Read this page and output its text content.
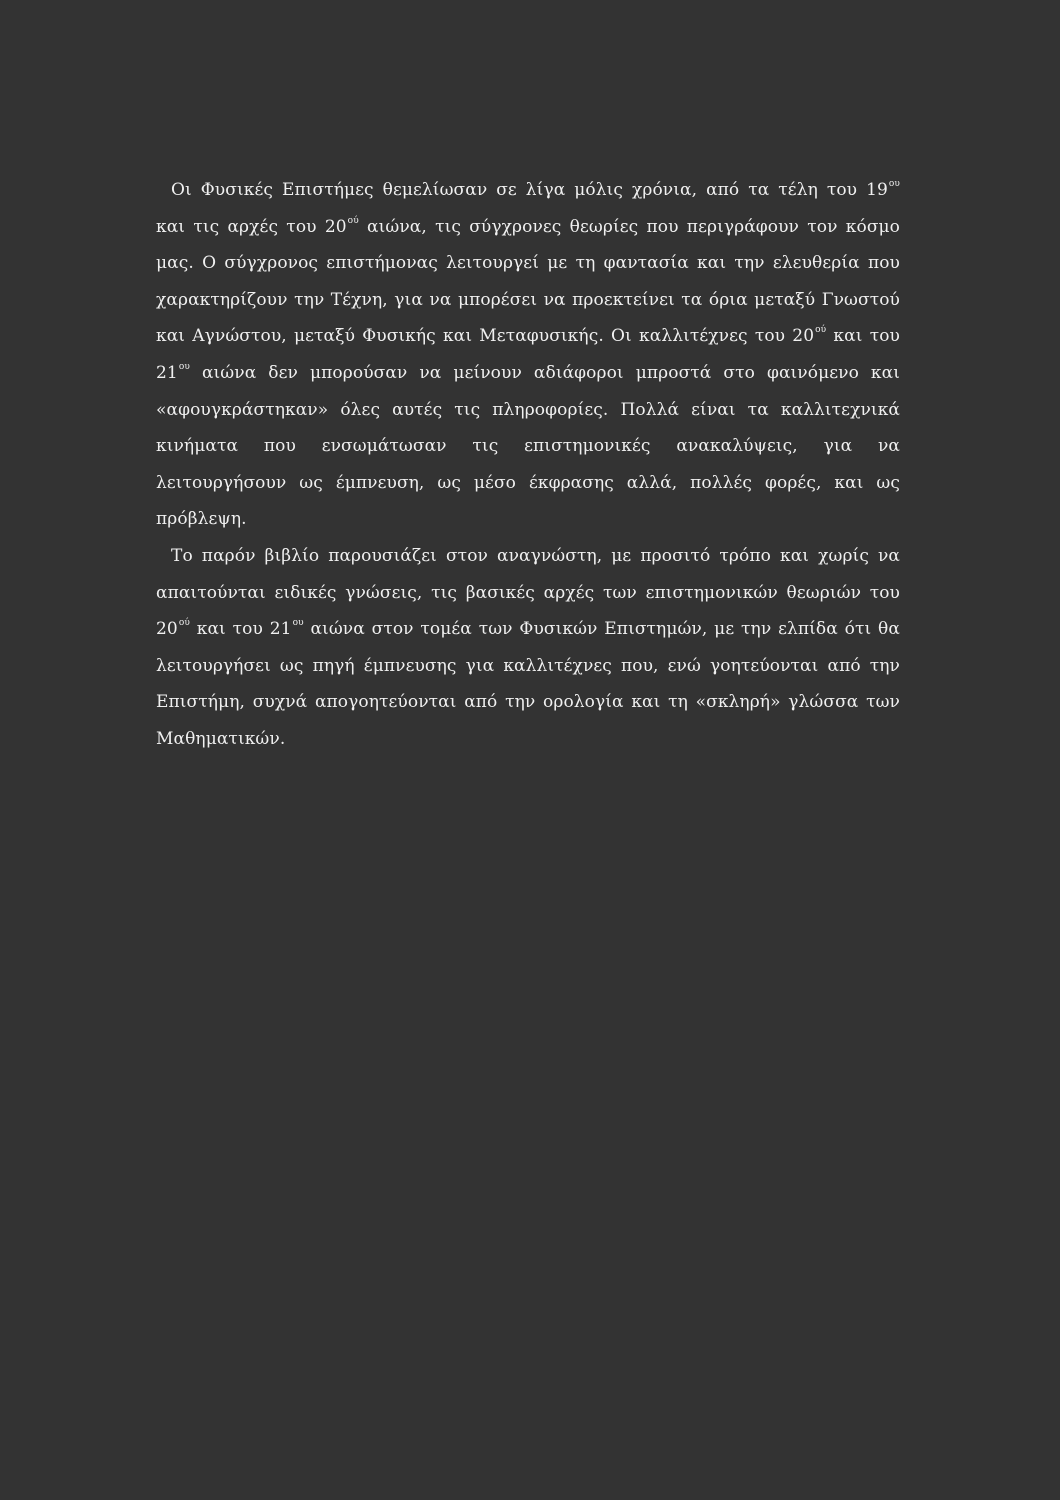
Οι Φυσικές Επιστήμες θεμελίωσαν σε λίγα μόλις χρόνια, από τα τέλη του $19^{o\upsilon}$ και τις αρχές του $20^{oύ}$ αιώνα, τις σύγχρονες θεωρίες που περιγράφουν τον κόσμο μας. Ο σύγχρονος επιστήμονας λειτουργεί με τη φαντασία και την ελευθερία που χαρακτηρίζουν την Τέχνη, για να μπορέσει να προεκτείνει τα όρια μεταξύ Γνωστού και Αγνώστου, μεταξύ Φυσικής και Μεταφυσικής. Οι καλλιτέχνες του $20^{oύ}$ και του $21^{o\upsilon}$ αιώνα δεν μπορούσαν να μείνουν αδιάφοροι μπροστά στο φαινόμενο και «αφουγκράστηκαν» όλες αυτές τις πληροφορίες. Πολλά είναι τα καλλιτεχνικά κινήματα που ενσωμάτωσαν τις επιστημονικές ανακαλύψεις, για να λειτουργήσουν ως έμπνευση, ως μέσο έκφρασης αλλά, πολλές φορές, και ως πρόβλεψη.

Το παρόν βιβλίο παρουσιάζει στον αναγνώστη, με προσιτό τρόπο και χωρίς να απαιτούνται ειδικές γνώσεις, τις βασικές αρχές των επιστημονικών θεωριών του $20^{oύ}$ και του $21^{o\upsilon}$ αιώνα στον τομέα των Φυσικών Επιστημών, με την ελπίδα ότι θα λειτουργήσει ως πηγή έμπνευσης για καλλιτέχνες που, ενώ γοητεύονται από την Επιστήμη, συχνά απογοητεύονται από την ορολογία και τη «σκληρή» γλώσσα των Μαθηματικών.
